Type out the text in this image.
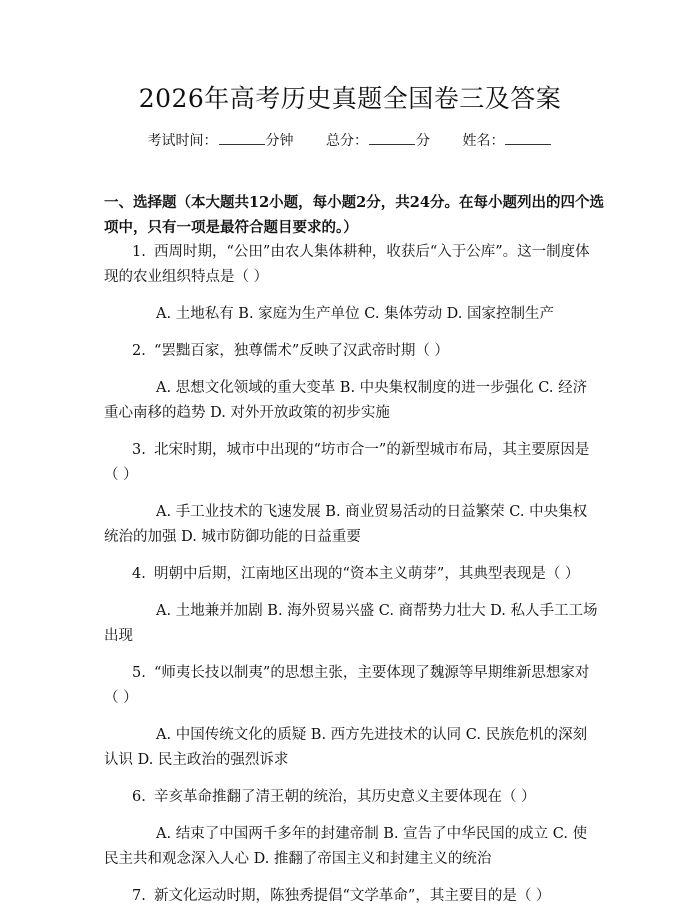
2026年高考历史真题全国卷三及答案
考试时间：	分钟 总分：	分 姓名：

一、选择题（本大题共12小题，每小题2分，共24分。在每小题列出的四个选项中，只有一项是最符合题目要求的。）

1. 西周时期，“公田”由农人集体耕种，收获后“入于公库”。这一制度体现的农业组织特点是（ ）

A. 土地私有 B. 家庭为生产单位 C. 集体劳动 D. 国家控制生产

2. “罢黜百家，独尊儒术”反映了汉武帝时期（ ）

A. 思想文化领域的重大变革 B. 中央集权制度的进一步强化 C. 经济重心南移的趋势 D. 对外开放政策的初步实施

3. 北宋时期，城市中出现的“坊市合一”的新型城市布局，其主要原因是（ ）

A. 手工业技术的飞速发展 B. 商业贸易活动的日益繁荣 C. 中央集权统治的加强 D. 城市防御功能的日益重要

4. 明朝中后期，江南地区出现的“资本主义萌芽”，其典型表现是（ ）

A. 土地兼并加剧 B. 海外贸易兴盛 C. 商帮势力壮大 D. 私人手工工场出现

5. “师夷长技以制夷”的思想主张，主要体现了魏源等早期维新思想家对（ ）

A. 中国传统文化的质疑 B. 西方先进技术的认同 C. 民族危机的深刻认识 D. 民主政治的强烈诉求

6. 辛亥革命推翻了清王朝的统治，其历史意义主要体现在（ ）

A. 结束了中国两千多年的封建帝制 B. 宣告了中华民国的成立 C. 使民主共和观念深入人心 D. 推翻了帝国主义和封建主义的统治

7. 新文化运动时期，陈独秀提倡“文学革命”，其主要目的是（ ）
